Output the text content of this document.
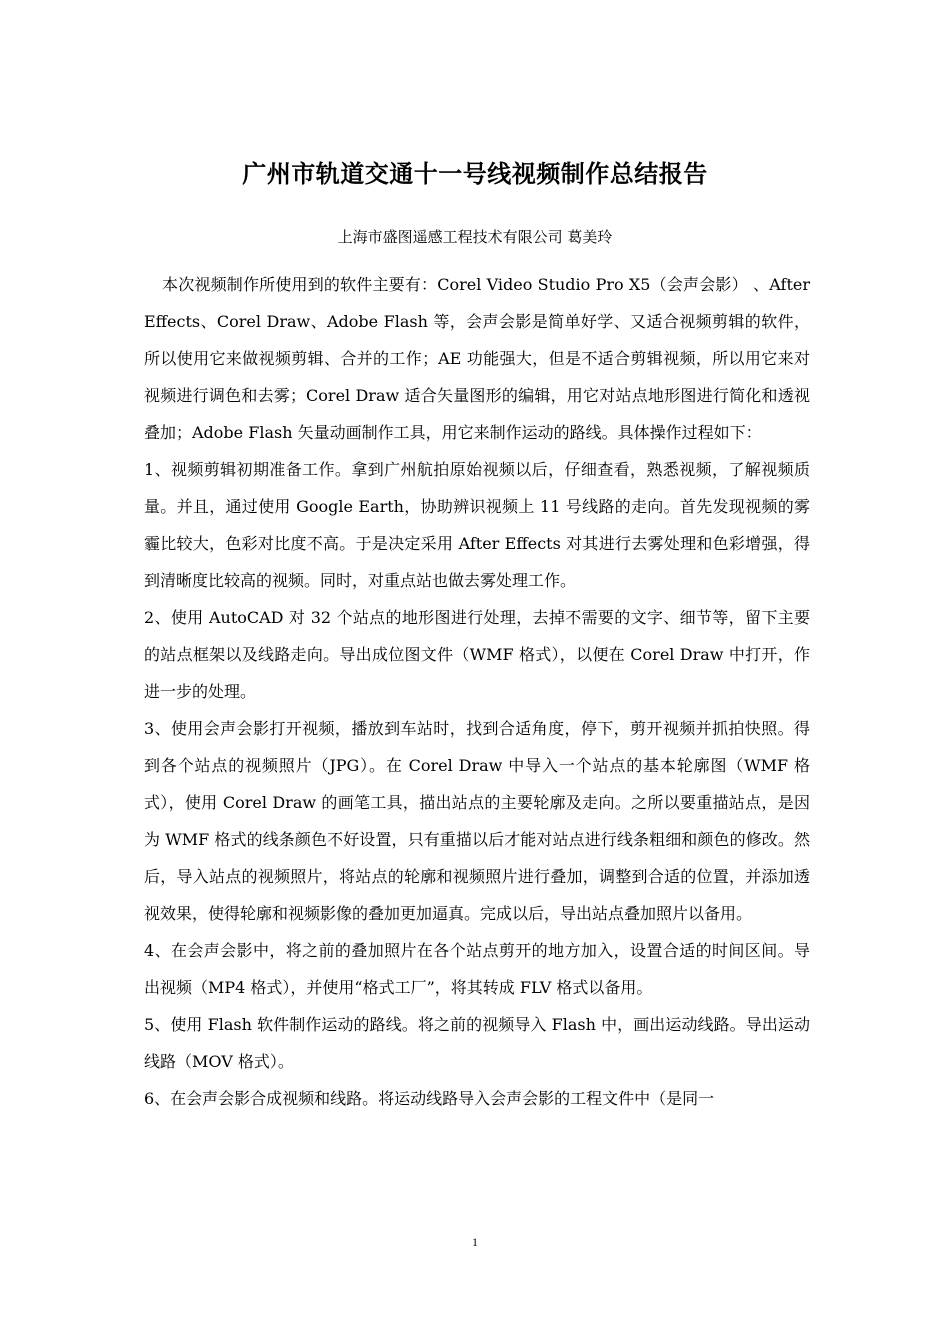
广州市轨道交通十一号线视频制作总结报告
上海市盛图遥感工程技术有限公司 葛美玲

本次视频制作所使用到的软件主要有：Corel Video Studio Pro X5（会声会影） 、After Effects、Corel Draw、Adobe Flash 等，会声会影是简单好学、又适合视频剪辑的软件，所以使用它来做视频剪辑、合并的工作；AE 功能强大，但是不适合剪辑视频，所以用它来对视频进行调色和去雾；Corel Draw 适合矢量图形的编辑，用它对站点地形图进行简化和透视叠加；Adobe Flash 矢量动画制作工具，用它来制作运动的路线。具体操作过程如下：

1、视频剪辑初期准备工作。拿到广州航拍原始视频以后，仔细查看，熟悉视频，了解视频质量。并且，通过使用 Google Earth，协助辨识视频上 11 号线路的走向。首先发现视频的雾霾比较大，色彩对比度不高。于是决定采用 After Effects 对其进行去雾处理和色彩增强，得到清晰度比较高的视频。同时，对重点站也做去雾处理工作。

2、使用 AutoCAD 对 32 个站点的地形图进行处理，去掉不需要的文字、细节等，留下主要的站点框架以及线路走向。导出成位图文件（WMF 格式），以便在 Corel Draw 中打开，作进一步的处理。

3、使用会声会影打开视频，播放到车站时，找到合适角度，停下，剪开视频并抓拍快照。得到各个站点的视频照片（JPG）。在 Corel Draw 中导入一个站点的基本轮廓图（WMF 格式），使用 Corel Draw 的画笔工具，描出站点的主要轮廓及走向。之所以要重描站点，是因为 WMF 格式的线条颜色不好设置，只有重描以后才能对站点进行线条粗细和颜色的修改。然后，导入站点的视频照片，将站点的轮廓和视频照片进行叠加，调整到合适的位置，并添加透视效果，使得轮廓和视频影像的叠加更加逼真。完成以后，导出站点叠加照片以备用。

4、在会声会影中，将之前的叠加照片在各个站点剪开的地方加入，设置合适的时间区间。导出视频（MP4 格式），并使用“格式工厂”，将其转成 FLV 格式以备用。

5、使用 Flash 软件制作运动的路线。将之前的视频导入 Flash 中，画出运动线路。导出运动线路（MOV 格式）。

6、在会声会影合成视频和线路。将运动线路导入会声会影的工程文件中（是同一

1
